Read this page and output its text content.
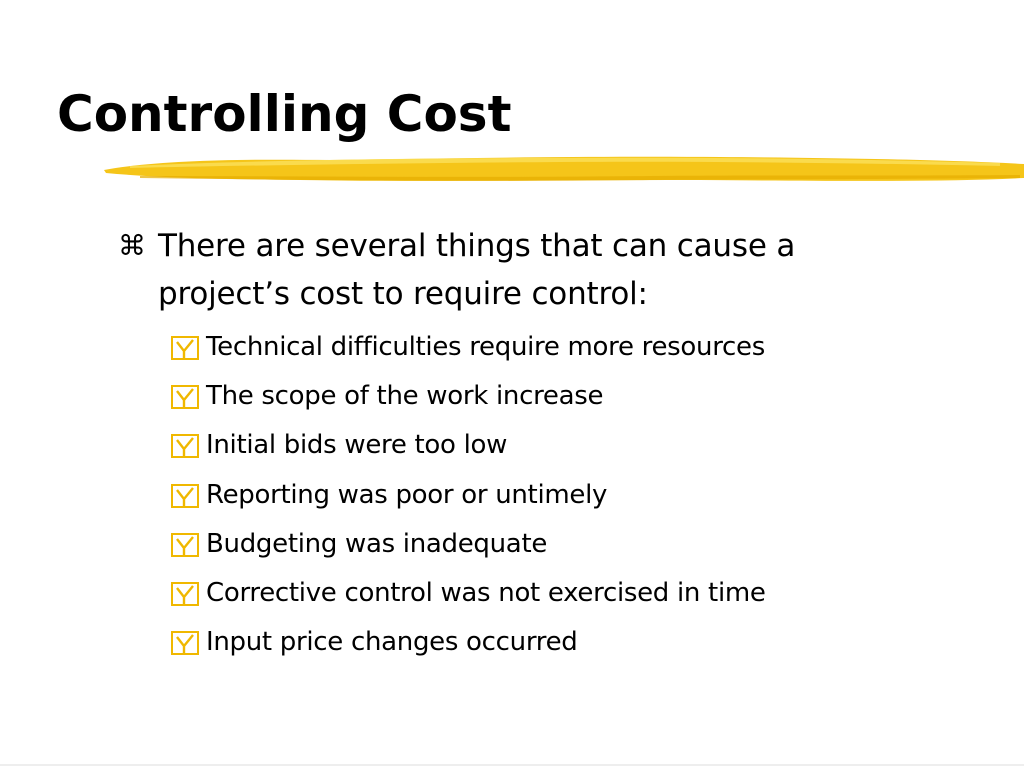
Controlling Cost
⌘ There are several things that can cause a
project’s cost to require control:
Technical difficulties require more resources
The scope of the work increase
Initial bids were too low
Reporting was poor or untimely
Budgeting was inadequate
Corrective control was not exercised in time
Input price changes occurred
